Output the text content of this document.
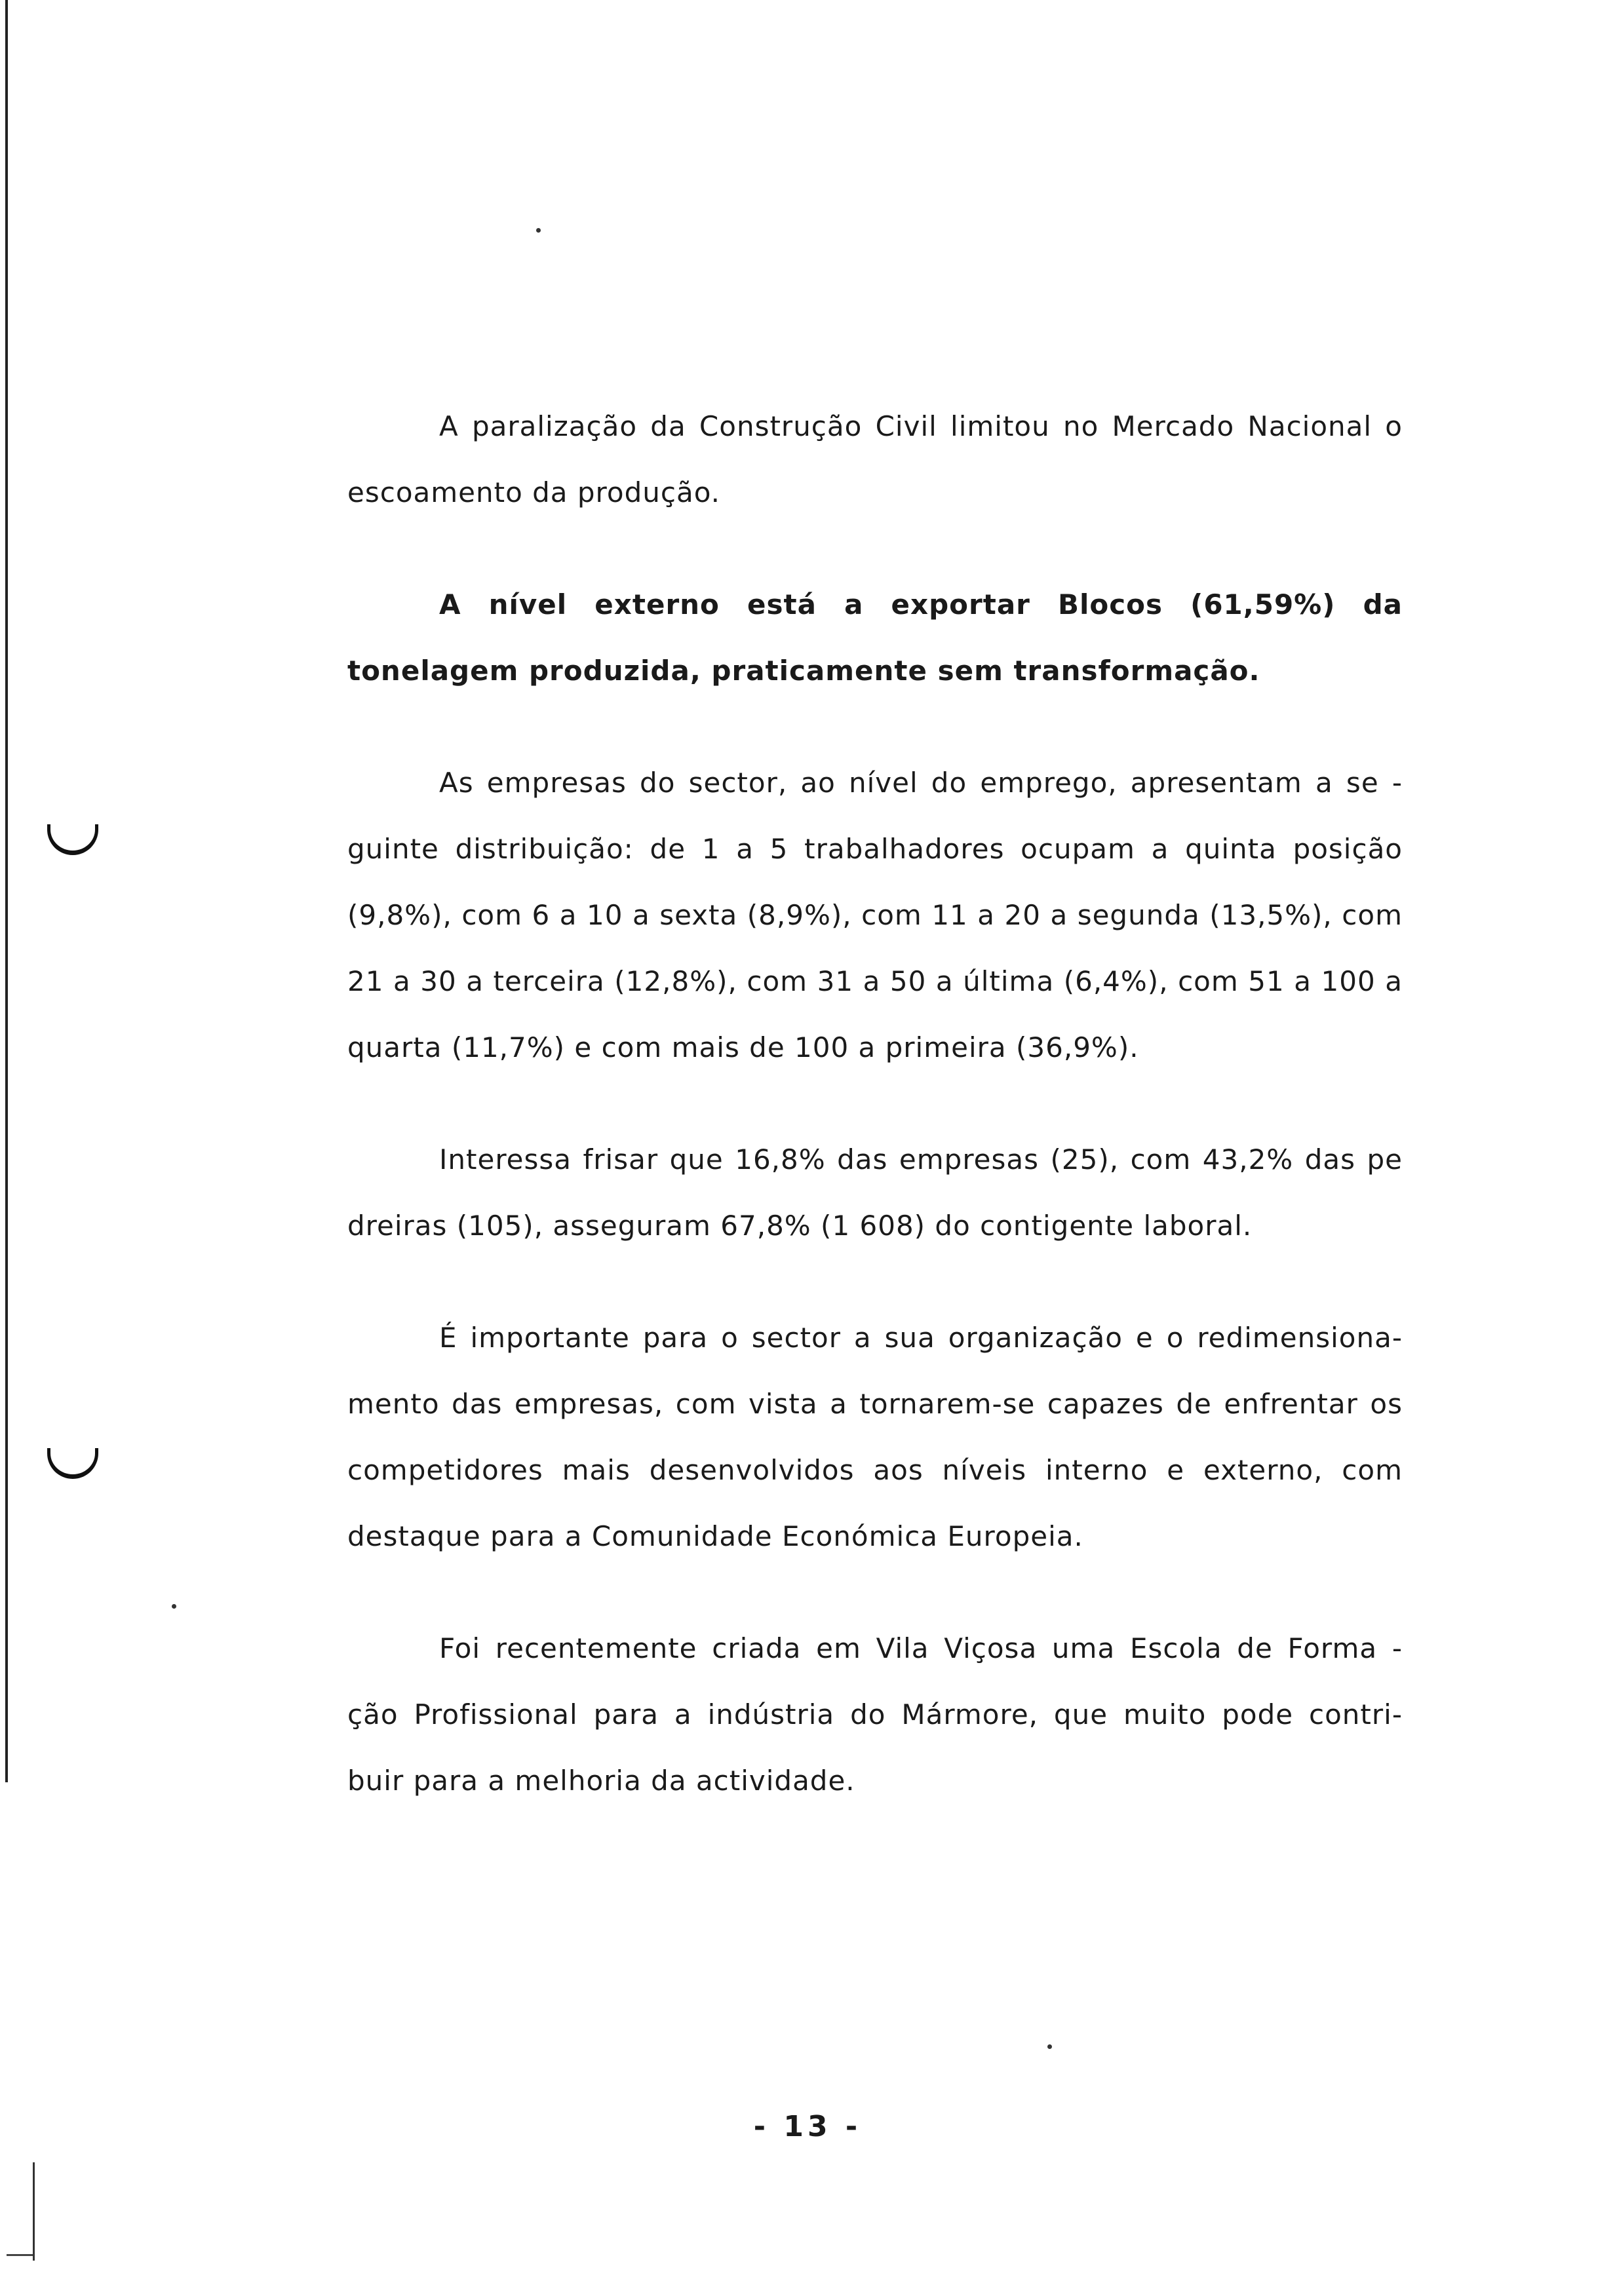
A paralização da Construção Civil limitou no Mercado Nacional o escoamento da produção.

A nível externo está a exportar Blocos (61,59%) da tonelagem produzida, praticamente sem transformação.

As empresas do sector, ao nível do emprego, apresentam a se - guinte distribuição: de 1 a 5 trabalhadores ocupam a quinta posição (9,8%), com 6 a 10 a sexta (8,9%), com 11 a 20 a segunda (13,5%), com 21 a 30 a terceira (12,8%), com 31 a 50 a última (6,4%), com 51 a 100 a quarta (11,7%) e com mais de 100 a primeira (36,9%).

Interessa frisar que 16,8% das empresas (25), com 43,2% das pe dreiras (105), asseguram 67,8% (1 608) do contigente laboral.

É importante para o sector a sua organização e o redimensiona- mento das empresas, com vista a tornarem-se capazes de enfrentar os competidores mais desenvolvidos aos níveis interno e externo, com destaque para a Comunidade Económica Europeia.

Foi recentemente criada em Vila Viçosa uma Escola de Forma - ção Profissional para a indústria do Mármore, que muito pode contri- buir para a melhoria da actividade.

- 13 -
